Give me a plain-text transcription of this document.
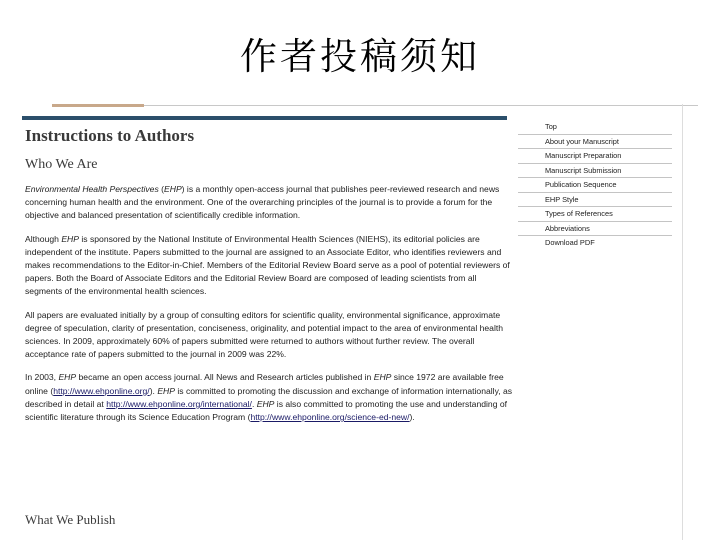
作者投稿须知
Instructions to Authors
Who We Are

Environmental Health Perspectives (EHP) is a monthly open-access journal that publishes peer-reviewed research and news concerning human health and the environment. One of the overarching principles of the journal is to provide a forum for the objective and balanced presentation of scientifically credible information.

Although EHP is sponsored by the National Institute of Environmental Health Sciences (NIEHS), its editorial policies are independent of the institute. Papers submitted to the journal are assigned to an Associate Editor, who identifies reviewers and makes recommendations to the Editor-in-Chief. Members of the Editorial Review Board serve as a pool of potential reviewers of papers. Both the Board of Associate Editors and the Editorial Review Board are composed of leading scientists from all segments of the environmental health sciences.

All papers are evaluated initially by a group of consulting editors for scientific quality, environmental significance, approximate degree of speculation, clarity of presentation, conciseness, originality, and potential impact to the area of environmental health sciences. In 2009, approximately 60% of papers submitted were returned to authors without further review. The overall acceptance rate of papers submitted to the journal in 2009 was 22%.

In 2003, EHP became an open access journal. All News and Research articles published in EHP since 1972 are available free online (http://www.ehponline.org/). EHP is committed to promoting the discussion and exchange of information internationally, as described in detail at http://www.ehponline.org/international/. EHP is also committed to promoting the use and understanding of scientific literature through its Science Education Program (http://www.ehponline.org/science-ed-new/).

What We Publish
Top
About your Manuscript
Manuscript Preparation
Manuscript Submission
Publication Sequence
EHP Style
Types of References
Abbreviations
Download PDF
